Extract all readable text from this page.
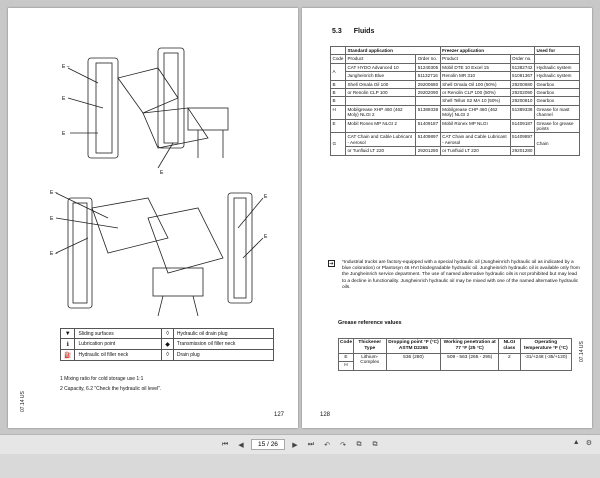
E –
E
E
E
E –
E
E –
E
E
▼	Sliding surfaces	◊	Hydraulic oil drain plug
ℹ	Lubrication point	◆	Transmission oil filler neck
⛽	Hydraulic oil filler neck	◊	Drain plug
1 Mixing ratio for cold storage use 1:1
2 Capacity, 6.2 "Check the hydraulic oil level".
07.14 US
127
5.3 Fluids
	Standard application		Freezer application		Used for
Code	Product	Order no.	Product	Order no.	
A	CAT HYDO Advanced 10	51240305	Mobil DTE 10 Excel 15	51382742	Hydraulic system
	Jungheinrich Blue	51132716	Renolin MR 310	51081367	Hydraulic system
B	Shell Omala Oil 100	29200680	Shell Omala Oil 100 (50%)	29200680	Gearbox
B	or Renolin CLP 100	29202090	or Renolin CLP 100 (50%)	29202090	Gearbox
B			Shell Tellus S2 MA 10 (50%)	29200810	Gearbox
H	Mobilgrease XHP 460 (462 Moly) NLGI 2	51389338	Mobilgrease CHP 460 (462 Moly) NLGI 2	51389338	Grease for mast channel
E	Mobil Ronex MP NLGI 2	51409187	Mobil Ronex MP NLGI	51409187	Grease for grease points
G	CAT Chain and Cable Lubricant - Aerosol	51409897	CAT Chain and Cable Lubricant - Aerosol	51409897	Chain
	or Tunfluid LT 220	29201280	or Tunfluid LT 220	29201280	
➔ *Industrial trucks are factory-equipped with a special hydraulic oil (Jungheinrich hydraulic oil as indicated by a blue coloration) or Plantosyn 46 HVI biodegradable hydraulic oil. Jungheinrich hydraulic oil is available only from the Jungheinrich service department. The use of named alternative hydraulic oils is not prohibited but may lead to a decline in functionality. Jungheinrich hydraulic oil may be mixed with one of the named alternative hydraulic oils.
Grease reference values
Code	Thickener Type	Dropping point °F (°C) ASTM D2265	Working penetration at 77 °F (25 °C)	NLGI class	Operating temperature °F (°C)
E	Lithium-Complex	536 (280)	509 - 563 (265 - 295)	2	-31/+248 (-35/+120)
H					
07.14 US
128
⏮	◀
15 / 26	▶	⏭	↶	↷	⧉	⧉	▲ ⚙
